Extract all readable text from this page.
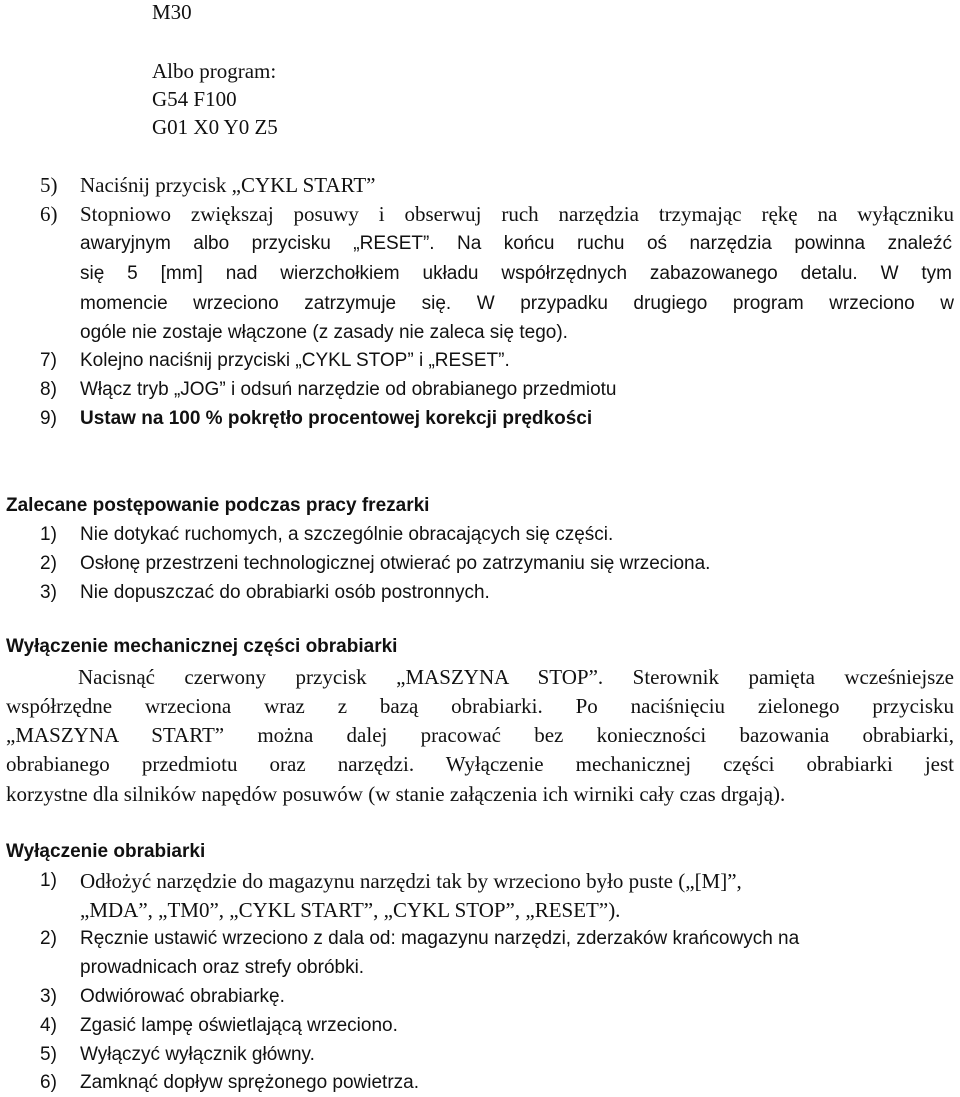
M30
Albo program:
G54 F100
G01 X0 Y0 Z5
5) Naciśnij przycisk „CYKL START”
6) Stopniowo zwiększaj posuwy i obserwuj ruch narzędzia trzymając rękę na wyłączniku
awaryjnym albo przycisku „RESET”. Na końcu ruchu oś narzędzia powinna znaleźć
się 5 [mm] nad wierzchołkiem układu współrzędnych zabazowanego detalu. W tym
momencie wrzeciono zatrzymuje się. W przypadku drugiego program wrzeciono w
ogóle nie zostaje włączone (z zasady nie zaleca się tego).
7) Kolejno naciśnij przyciski „CYKL STOP” i „RESET”.
8) Włącz tryb „JOG” i odsuń narzędzie od obrabianego przedmiotu
9) Ustaw na 100 % pokrętło procentowej korekcji prędkości
Zalecane postępowanie podczas pracy frezarki
1) Nie dotykać ruchomych, a szczególnie obracających się części.
2) Osłonę przestrzeni technologicznej otwierać po zatrzymaniu się wrzeciona.
3) Nie dopuszczać do obrabiarki osób postronnych.
Wyłączenie mechanicznej części obrabiarki
Nacisnąć czerwony przycisk „MASZYNA STOP”. Sterownik pamięta wcześniejsze
współrzędne wrzeciona wraz z bazą obrabiarki. Po naciśnięciu zielonego przycisku
„MASZYNA START” można dalej pracować bez konieczności bazowania obrabiarki,
obrabianego przedmiotu oraz narzędzi. Wyłączenie mechanicznej części obrabiarki jest
korzystne dla silników napędów posuwów (w stanie załączenia ich wirniki cały czas drgają).
Wyłączenie obrabiarki
1) Odłożyć narzędzie do magazynu narzędzi tak by wrzeciono było puste („[M]”,
„MDA”, „TM0”, „CYKL START”, „CYKL STOP”, „RESET”).
2) Ręcznie ustawić wrzeciono z dala od: magazynu narzędzi, zderzaków krańcowych na
prowadnicach oraz strefy obróbki.
3) Odwiórować obrabiarkę.
4) Zgasić lampę oświetlającą wrzeciono.
5) Wyłączyć wyłącznik główny.
6) Zamknąć dopływ sprężonego powietrza.
